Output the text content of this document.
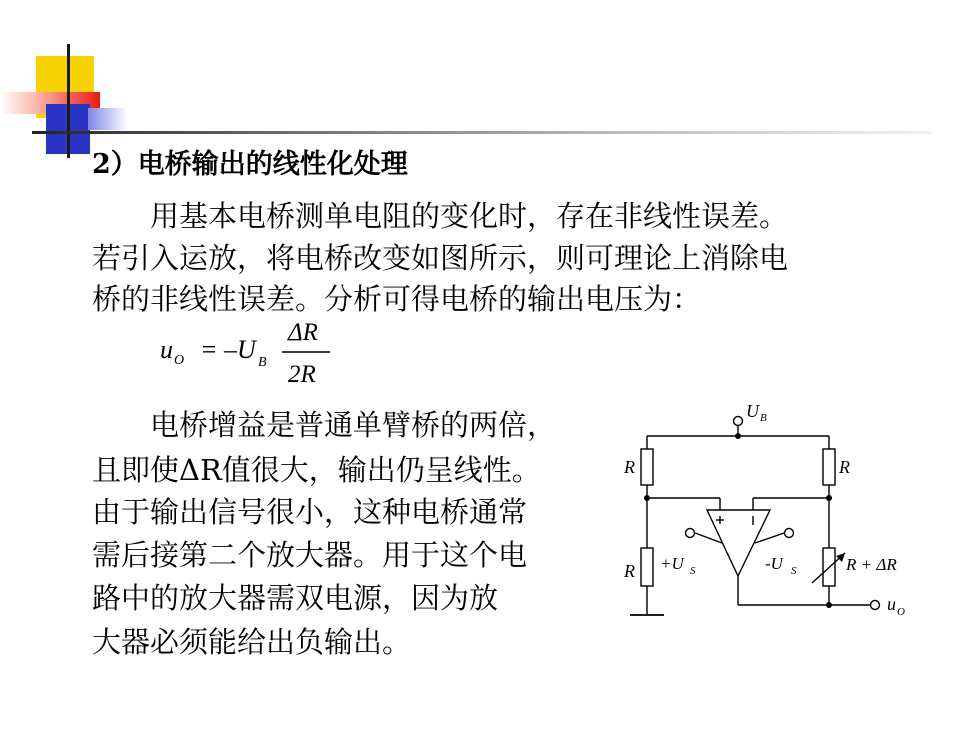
2）电桥输出的线性化处理
　　用基本电桥测单电阻的变化时，存在非线性误差。
若引入运放，将电桥改变如图所示，则可理论上消除电
桥的非线性误差。分析可得电桥的输出电压为：
u O = –U B
ΔR
2R
　　电桥增益是普通单臂桥的两倍，
且即使ΔR值很大，输出仍呈线性。
由于输出信号很小，这种电桥通常
需后接第二个放大器。用于这个电
路中的放大器需双电源，因为放
大器必须能给出负输出。
U B
R	R
R	R + ΔR
+U S	-U S
u O
